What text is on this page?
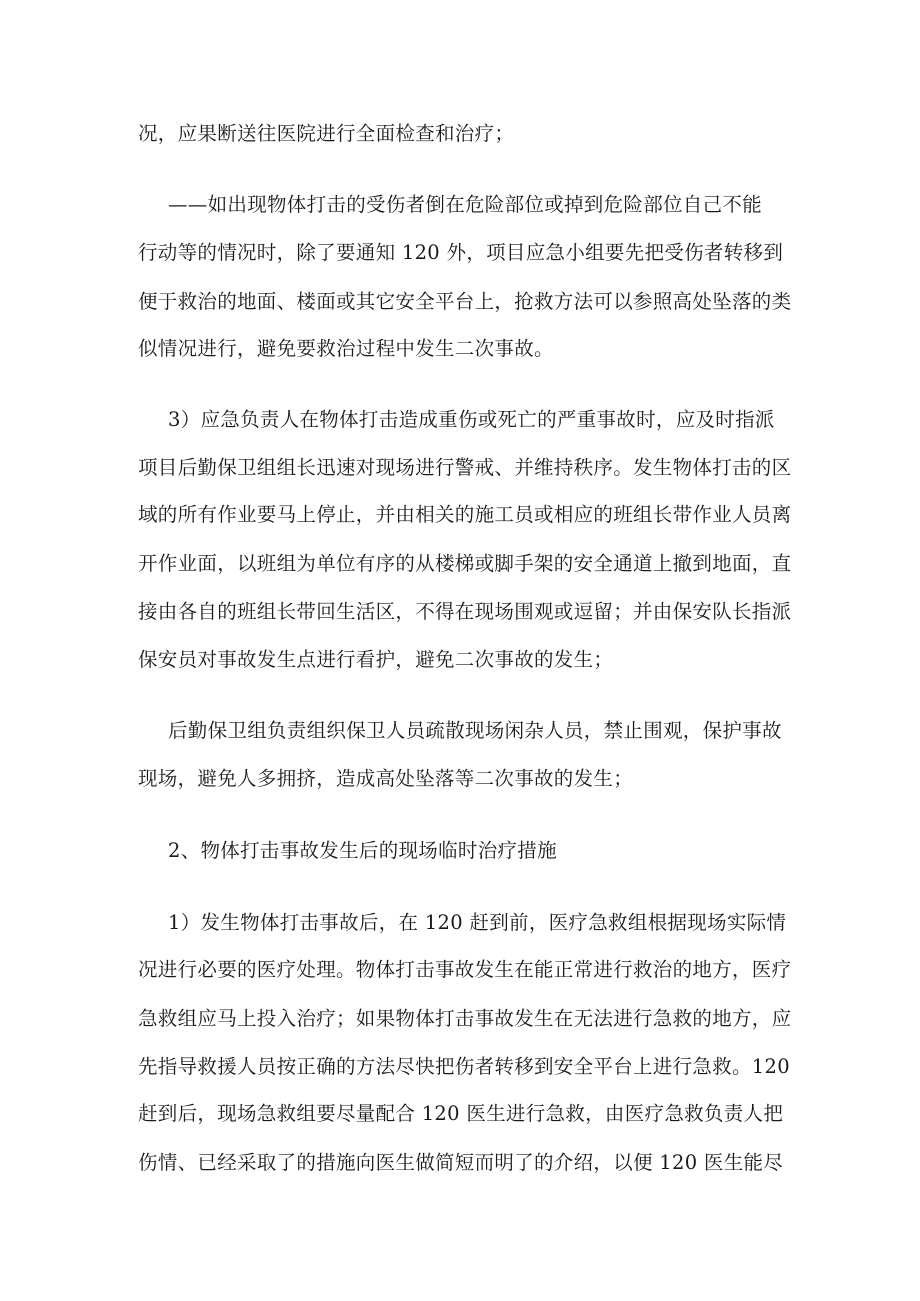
况，应果断送往医院进行全面检查和治疗；
——如出现物体打击的受伤者倒在危险部位或掉到危险部位自己不能
行动等的情况时，除了要通知 120 外，项目应急小组要先把受伤者转移到
便于救治的地面、楼面或其它安全平台上，抢救方法可以参照高处坠落的类
似情况进行，避免要救治过程中发生二次事故。
3）应急负责人在物体打击造成重伤或死亡的严重事故时，应及时指派
项目后勤保卫组组长迅速对现场进行警戒、并维持秩序。发生物体打击的区
域的所有作业要马上停止，并由相关的施工员或相应的班组长带作业人员离
开作业面，以班组为单位有序的从楼梯或脚手架的安全通道上撤到地面，直
接由各自的班组长带回生活区，不得在现场围观或逗留；并由保安队长指派
保安员对事故发生点进行看护，避免二次事故的发生；
后勤保卫组负责组织保卫人员疏散现场闲杂人员，禁止围观，保护事故
现场，避免人多拥挤，造成高处坠落等二次事故的发生；
2、物体打击事故发生后的现场临时治疗措施
1）发生物体打击事故后，在 120 赶到前，医疗急救组根据现场实际情
况进行必要的医疗处理。物体打击事故发生在能正常进行救治的地方，医疗
急救组应马上投入治疗；如果物体打击事故发生在无法进行急救的地方，应
先指导救援人员按正确的方法尽快把伤者转移到安全平台上进行急救。120
赶到后，现场急救组要尽量配合 120 医生进行急救，由医疗急救负责人把
伤情、已经采取了的措施向医生做简短而明了的介绍，以便 120 医生能尽
